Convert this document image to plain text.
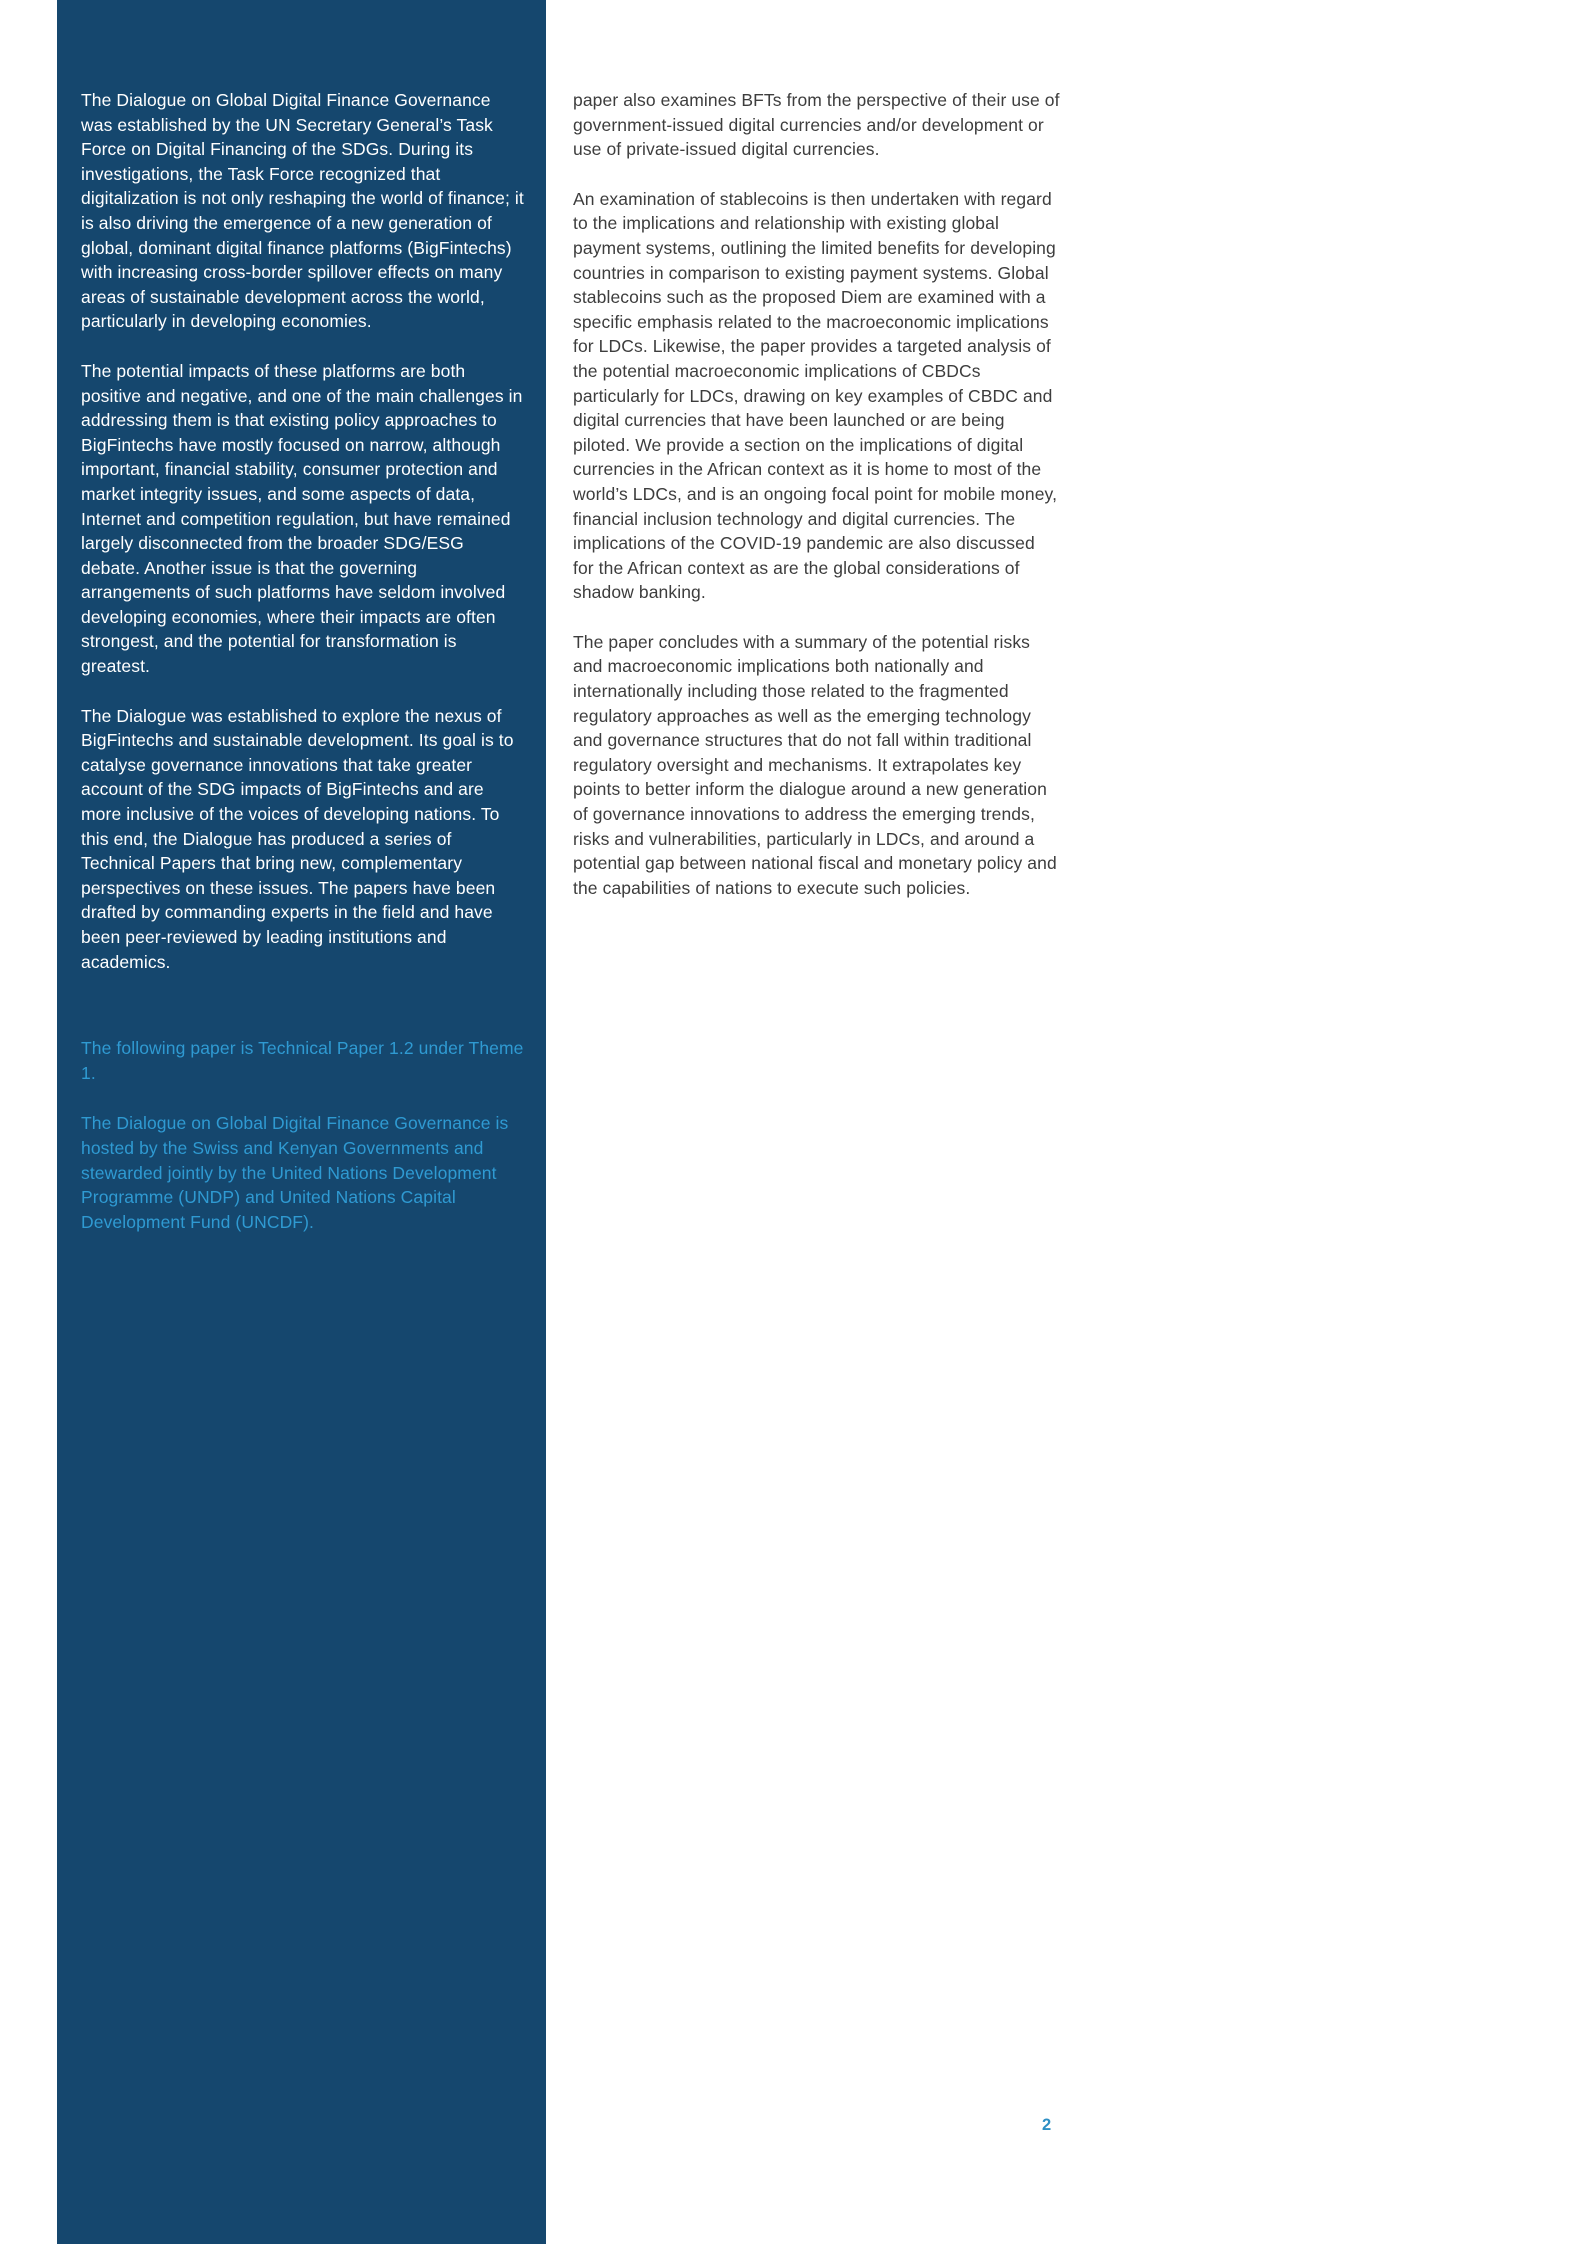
The Dialogue on Global Digital Finance Governance was established by the UN Secretary General’s Task Force on Digital Financing of the SDGs. During its investigations, the Task Force recognized that digitalization is not only reshaping the world of finance; it is also driving the emergence of a new generation of global, dominant digital finance platforms (BigFintechs) with increasing cross-border spillover effects on many areas of sustainable development across the world, particularly in developing economies.

The potential impacts of these platforms are both positive and negative, and one of the main challenges in addressing them is that existing policy approaches to BigFintechs have mostly focused on narrow, although important, financial stability, consumer protection and market integrity issues, and some aspects of data, Internet and competition regulation, but have remained largely disconnected from the broader SDG/ESG debate. Another issue is that the governing arrangements of such platforms have seldom involved developing economies, where their impacts are often strongest, and the potential for transformation is greatest.

The Dialogue was established to explore the nexus of BigFintechs and sustainable development. Its goal is to catalyse governance innovations that take greater account of the SDG impacts of BigFintechs and are more inclusive of the voices of developing nations. To this end, the Dialogue has produced a series of Technical Papers that bring new, complementary perspectives on these issues. The papers have been drafted by commanding experts in the field and have been peer-reviewed by leading institutions and academics.

The following paper is Technical Paper 1.2 under Theme 1.

The Dialogue on Global Digital Finance Governance is hosted by the Swiss and Kenyan Governments and stewarded jointly by the United Nations Development Programme (UNDP) and United Nations Capital Development Fund (UNCDF).

paper also examines BFTs from the perspective of their use of government-issued digital currencies and/or development or use of private-issued digital currencies.

An examination of stablecoins is then undertaken with regard to the implications and relationship with existing global payment systems, outlining the limited benefits for developing countries in comparison to existing payment systems. Global stablecoins such as the proposed Diem are examined with a specific emphasis related to the macroeconomic implications for LDCs. Likewise, the paper provides a targeted analysis of the potential macroeconomic implications of CBDCs particularly for LDCs, drawing on key examples of CBDC and digital currencies that have been launched or are being piloted. We provide a section on the implications of digital currencies in the African context as it is home to most of the world’s LDCs, and is an ongoing focal point for mobile money, financial inclusion technology and digital currencies. The implications of the COVID-19 pandemic are also discussed for the African context as are the global considerations of shadow banking.

The paper concludes with a summary of the potential risks and macroeconomic implications both nationally and internationally including those related to the fragmented regulatory approaches as well as the emerging technology and governance structures that do not fall within traditional regulatory oversight and mechanisms. It extrapolates key points to better inform the dialogue around a new generation of governance innovations to address the emerging trends, risks and vulnerabilities, particularly in LDCs, and around a potential gap between national fiscal and monetary policy and the capabilities of nations to execute such policies.

2
